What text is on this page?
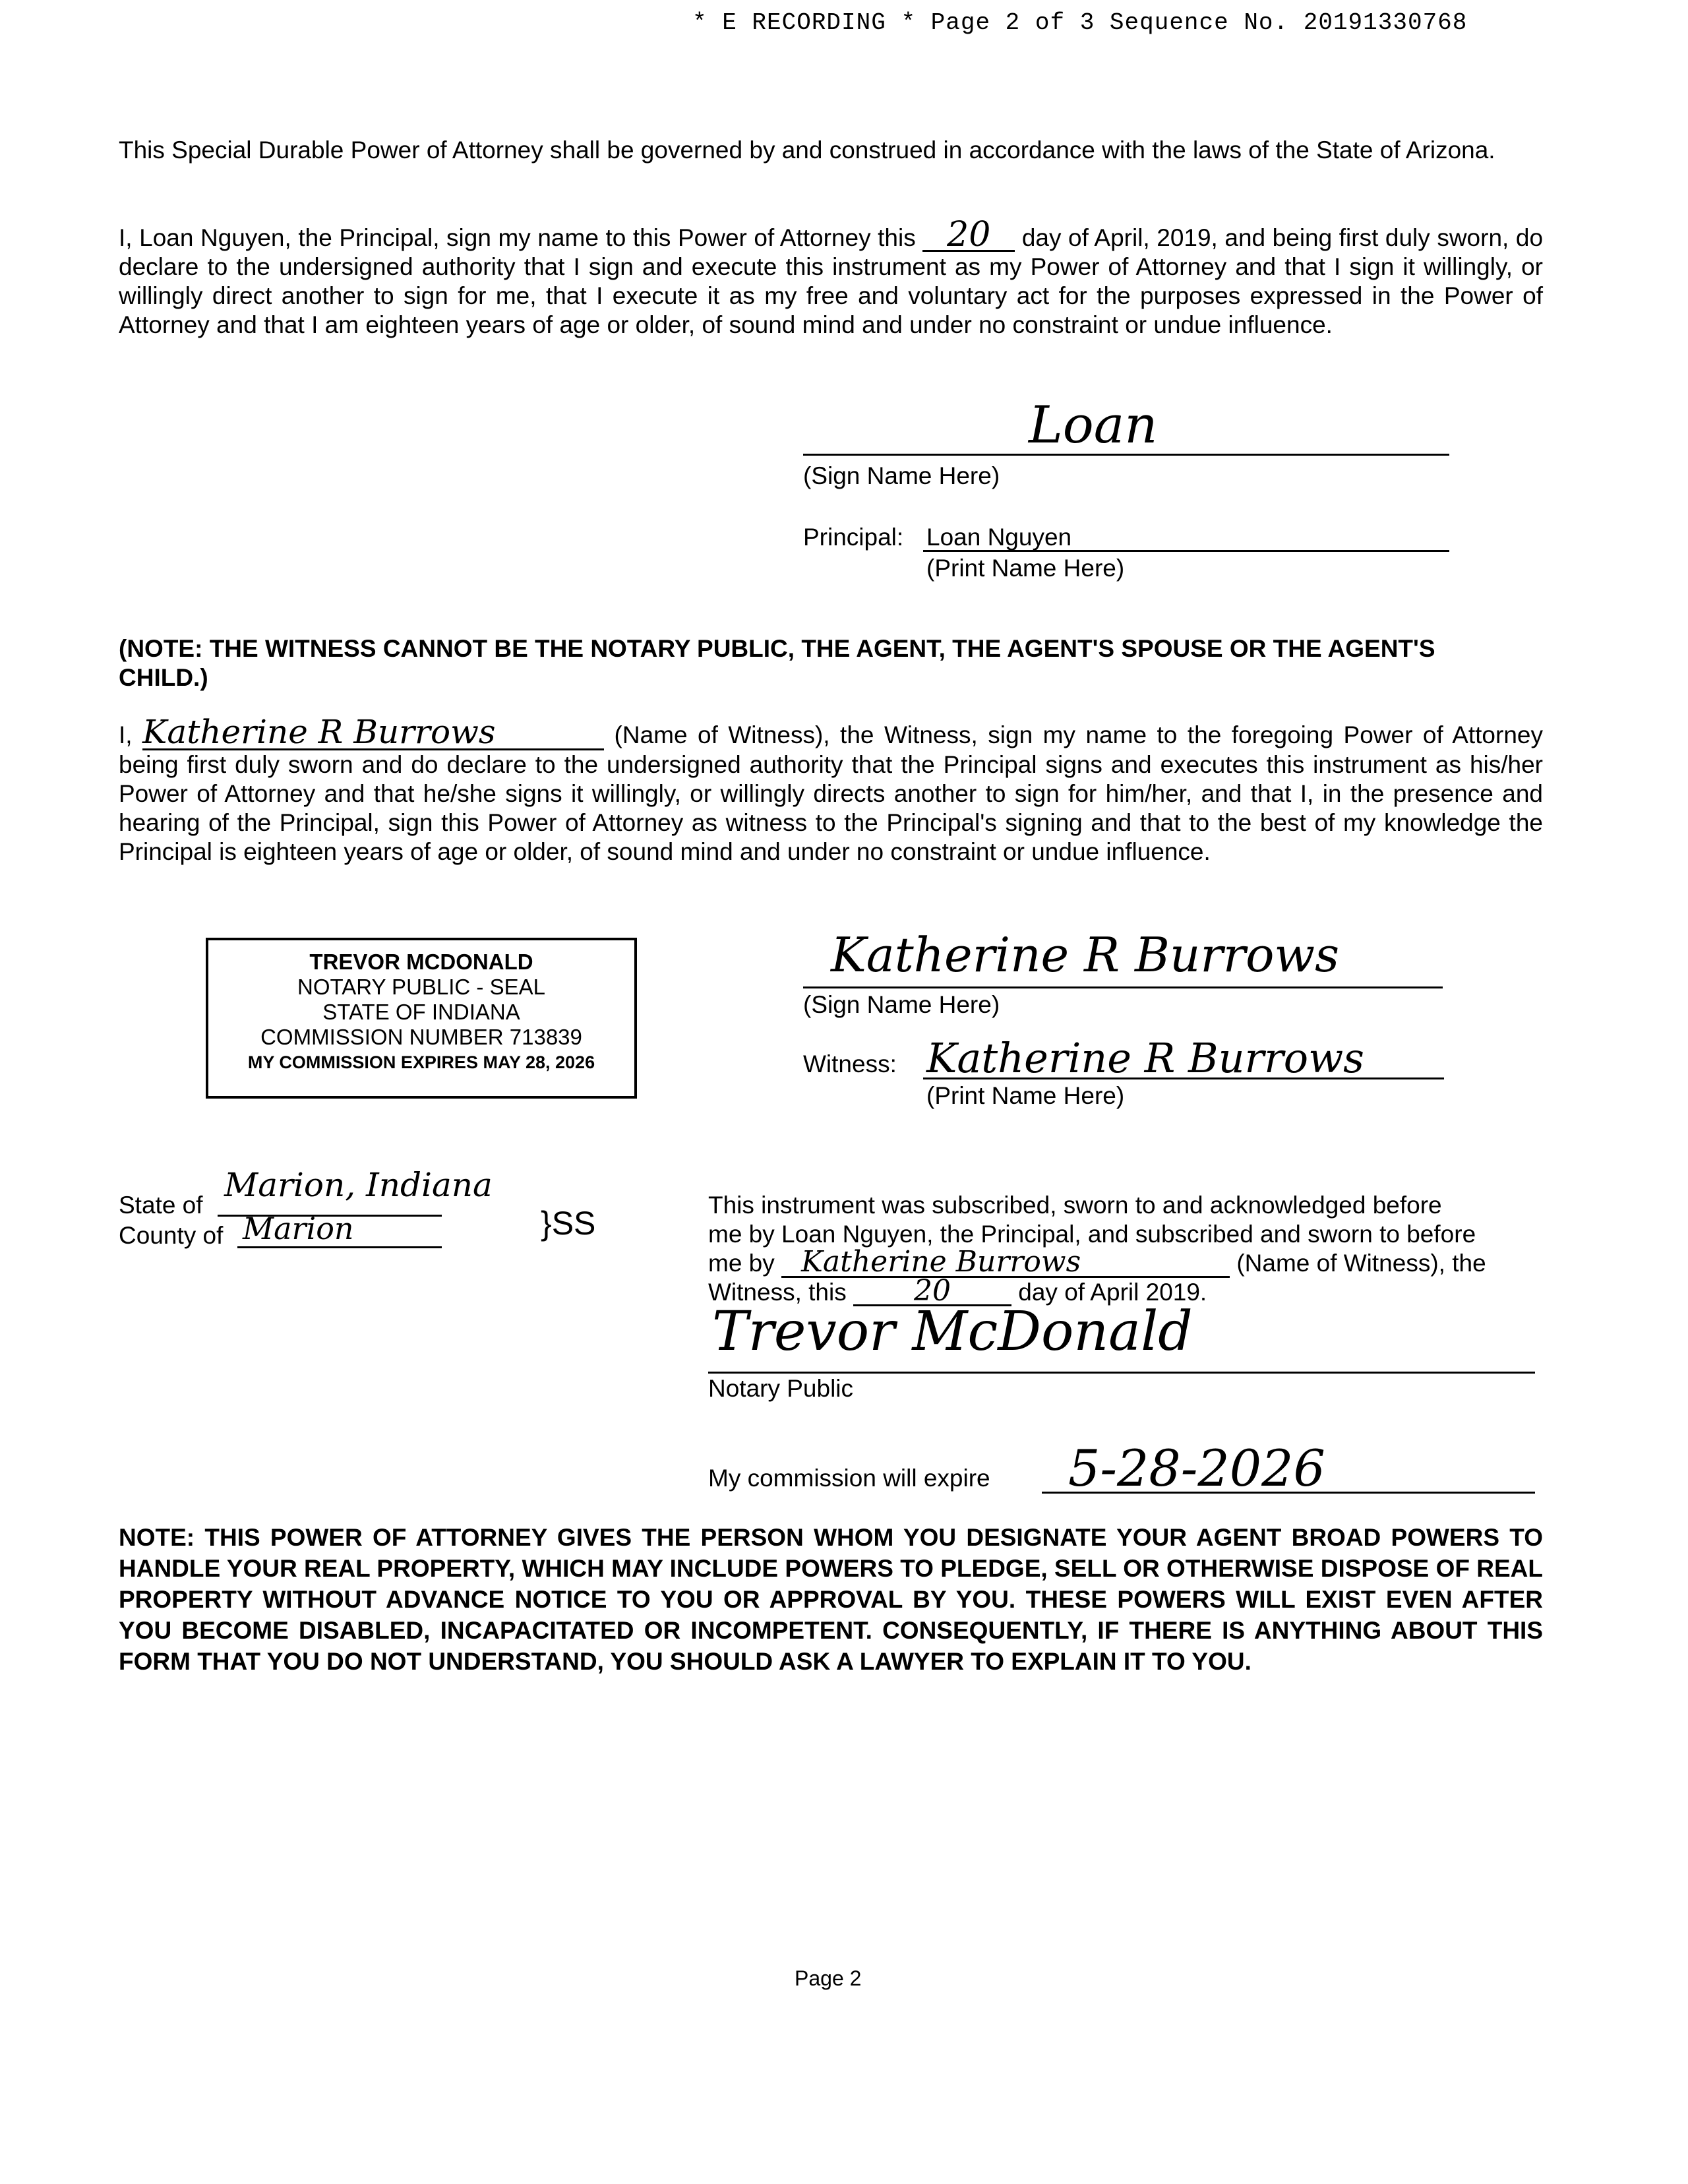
* E RECORDING * Page 2 of 3 Sequence No. 20191330768
This Special Durable Power of Attorney shall be governed by and construed in accordance with the laws of the State of Arizona.
I, Loan Nguyen, the Principal, sign my name to this Power of Attorney this 20 day of April, 2019, and being first duly sworn, do declare to the undersigned authority that I sign and execute this instrument as my Power of Attorney and that I sign it willingly, or willingly direct another to sign for me, that I execute it as my free and voluntary act for the purposes expressed in the Power of Attorney and that I am eighteen years of age or older, of sound mind and under no constraint or undue influence.
Loan
(Sign Name Here)
Principal: Loan Nguyen
(Print Name Here)
(NOTE: THE WITNESS CANNOT BE THE NOTARY PUBLIC, THE AGENT, THE AGENT'S SPOUSE OR THE AGENT'S CHILD.)
I, Katherine R Burrows	(Name of Witness), the Witness, sign my name to the foregoing Power of Attorney being first duly sworn and do declare to the undersigned authority that the Principal signs and executes this instrument as his/her Power of Attorney and that he/she signs it willingly, or willingly directs another to sign for him/her, and that I, in the presence and hearing of the Principal, sign this Power of Attorney as witness to the Principal's signing and that to the best of my knowledge the Principal is eighteen years of age or older, of sound mind and under no constraint or undue influence.
TREVOR MCDONALD
NOTARY PUBLIC - SEAL
STATE OF INDIANA
COMMISSION NUMBER 713839
MY COMMISSION EXPIRES MAY 28, 2026
Katherine R Burrows
(Sign Name Here)
Witness: Katherine R Burrows
(Print Name Here)
State of
Marion, Indiana
County of Marion	}SS	This instrument was subscribed, sworn to and acknowledged before
me by Loan Nguyen, the Principal, and subscribed and sworn to before
me by Katherine Burrows	(Name of Witness), the
Witness, this 20	day of April 2019.
Trevor McDonald
Notary Public
My commission will expire 5-28-2026
NOTE: THIS POWER OF ATTORNEY GIVES THE PERSON WHOM YOU DESIGNATE YOUR AGENT BROAD POWERS TO HANDLE YOUR REAL PROPERTY, WHICH MAY INCLUDE POWERS TO PLEDGE, SELL OR OTHERWISE DISPOSE OF REAL PROPERTY WITHOUT ADVANCE NOTICE TO YOU OR APPROVAL BY YOU. THESE POWERS WILL EXIST EVEN AFTER YOU BECOME DISABLED, INCAPACITATED OR INCOMPETENT. CONSEQUENTLY, IF THERE IS ANYTHING ABOUT THIS FORM THAT YOU DO NOT UNDERSTAND, YOU SHOULD ASK A LAWYER TO EXPLAIN IT TO YOU.
Page 2
